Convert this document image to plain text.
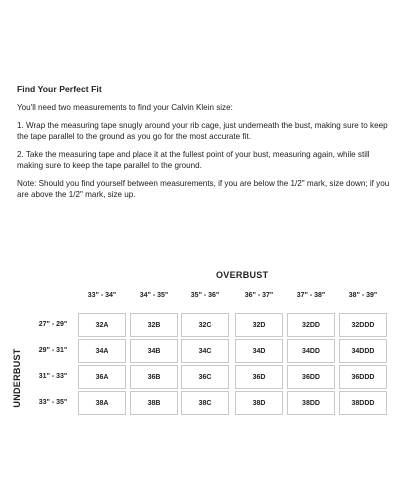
Find Your Perfect Fit

You'll need two measurements to find your Calvin Klein size:

1. Wrap the measuring tape snugly around your rib cage, just underneath the bust, making sure to keep the tape parallel to the ground as you go for the most accurate fit.

2. Take the measuring tape and place it at the fullest point of your bust, measuring again, while still making sure to keep the tape parallel to the ground.

Note: Should you find yourself between measurements, if you are below the 1/2" mark, size down; if you are above the 1/2" mark, size up.

OVERBUST
UNDERBUST
33" - 34"	34" - 35"	35" - 36"	36" - 37"	37" - 38"	38" - 39"
27" - 29"	32A	32B	32C	32D	32DD	32DDD
29" - 31"	34A	34B	34C	34D	34DD	34DDD
31" - 33"	36A	36B	36C	36D	36DD	36DDD
33" - 35"	38A	38B	38C	38D	38DD	38DDD
